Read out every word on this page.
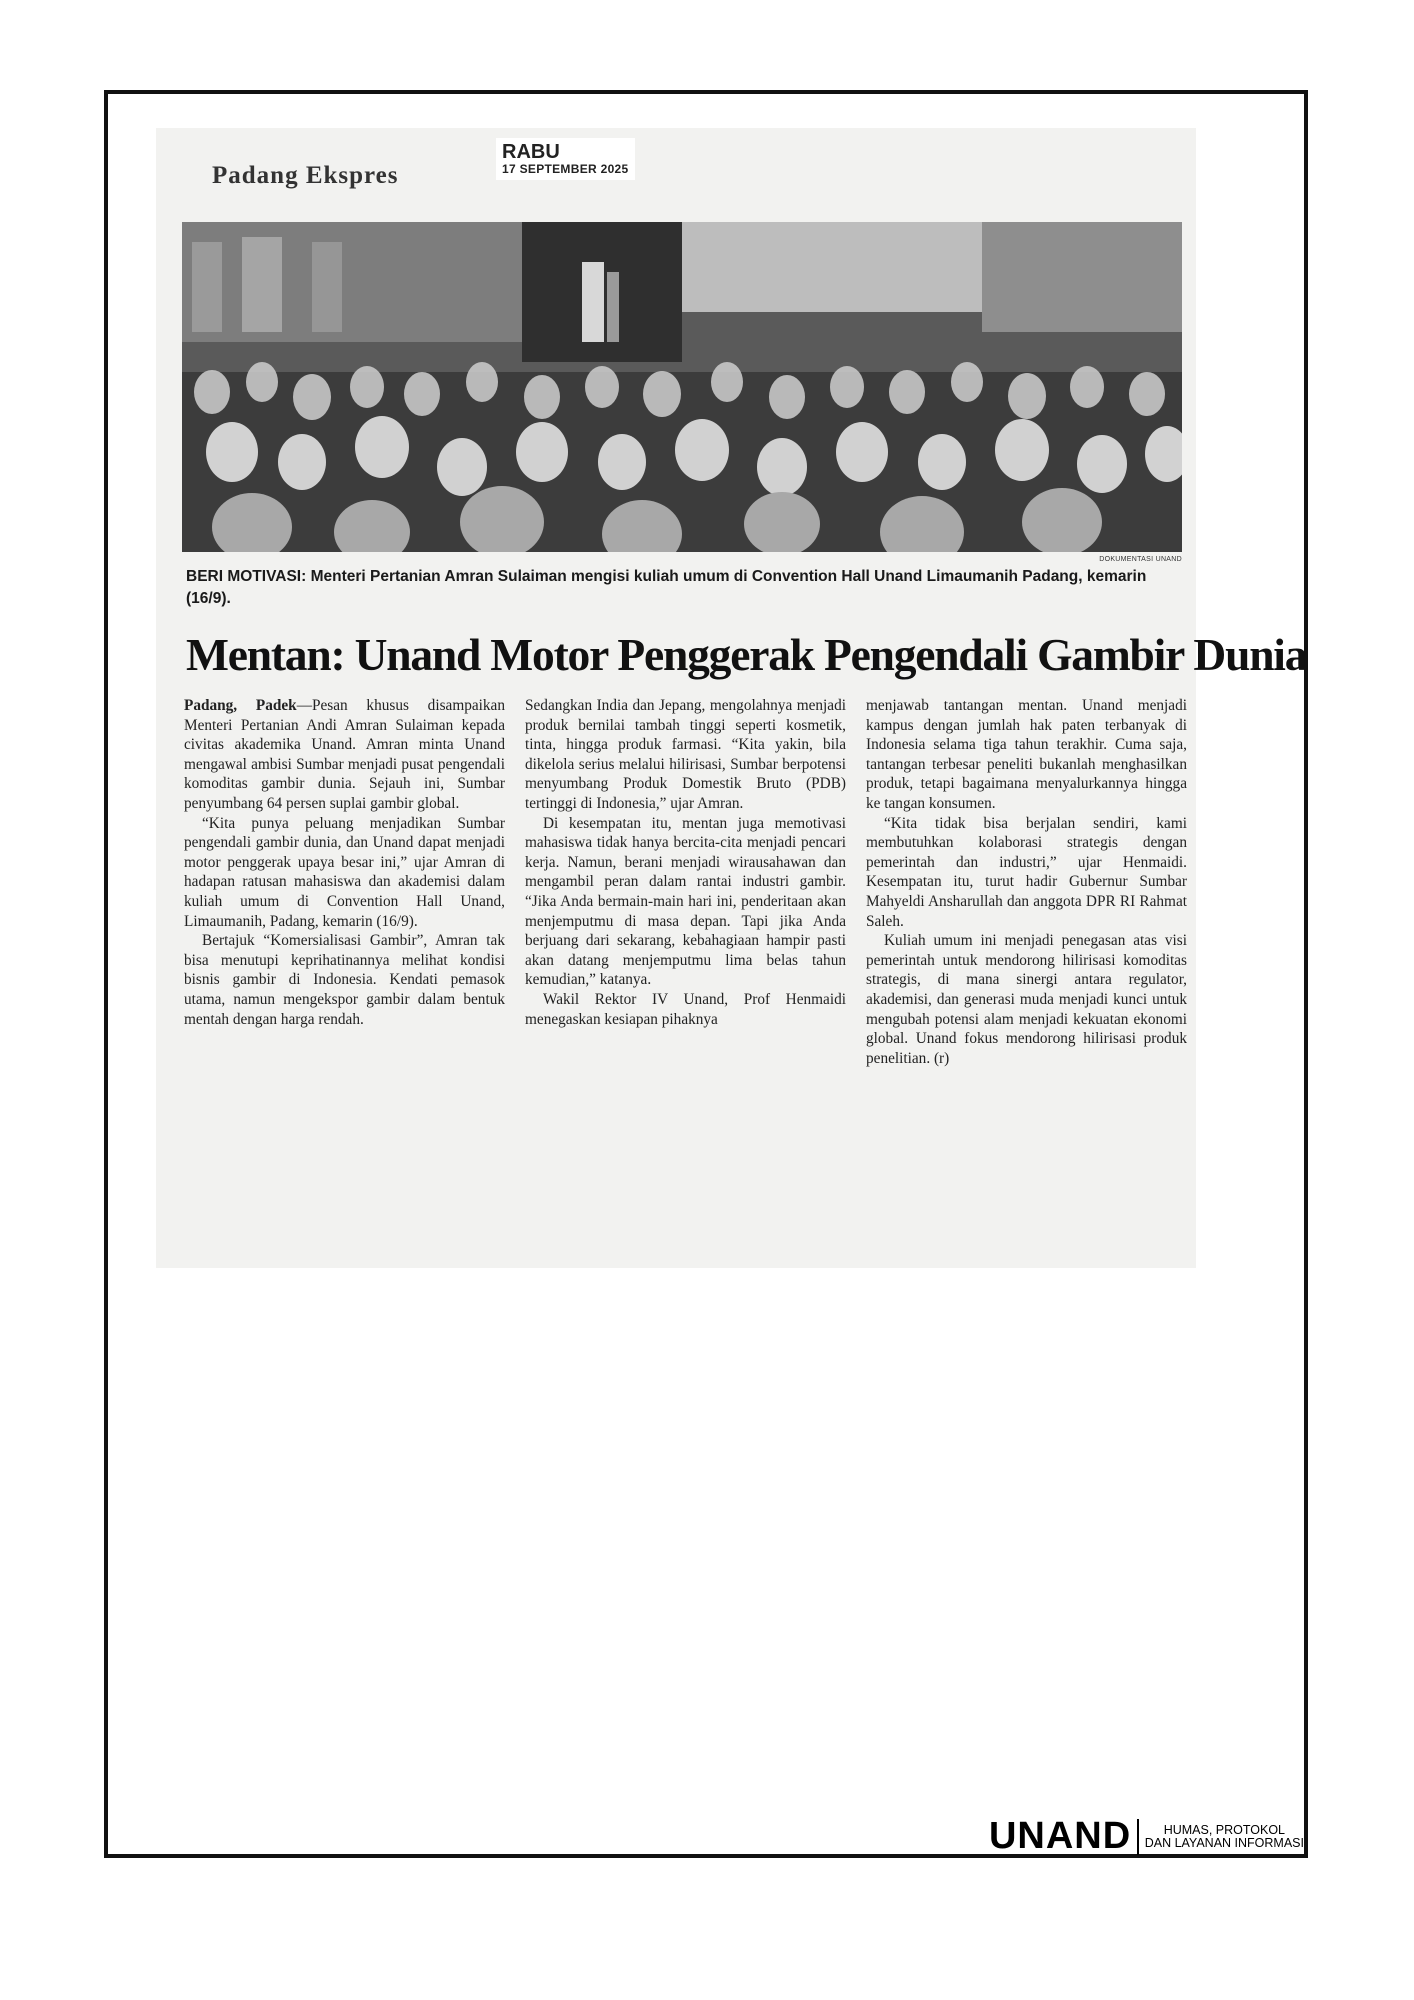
Padang Ekspres
RABU
17 SEPTEMBER 2025
DOKUMENTASI UNAND
BERI MOTIVASI: Menteri Pertanian Amran Sulaiman mengisi kuliah umum di Convention Hall Unand Limaumanih Padang, kemarin (16/9).
Mentan: Unand Motor Penggerak Pengendali Gambir Dunia

Padang, Padek—Pesan khusus disampaikan Menteri Pertanian Andi Amran Sulaiman kepada civitas akademika Unand. Amran minta Unand mengawal ambisi Sumbar menjadi pusat pengendali komoditas gambir dunia. Sejauh ini, Sumbar penyumbang 64 persen suplai gambir global.

“Kita punya peluang menjadikan Sumbar pengendali gambir dunia, dan Unand dapat menjadi motor penggerak upaya besar ini,” ujar Amran di hadapan ratusan mahasiswa dan akademisi dalam kuliah umum di Convention Hall Unand, Limaumanih, Padang, kemarin (16/9).

Bertajuk “Komersialisasi Gambir”, Amran tak bisa menutupi keprihatinannya melihat kondisi bisnis gambir di Indonesia. Kendati pemasok utama, namun mengekspor gambir dalam bentuk mentah dengan harga rendah.

Sedangkan India dan Jepang, mengolahnya menjadi produk bernilai tambah tinggi seperti kosmetik, tinta, hingga produk farmasi. “Kita yakin, bila dikelola serius melalui hilirisasi, Sumbar berpotensi menyumbang Produk Domestik Bruto (PDB) tertinggi di Indonesia,” ujar Amran.

Di kesempatan itu, mentan juga memotivasi mahasiswa tidak hanya bercita-cita menjadi pencari kerja. Namun, berani menjadi wirausahawan dan mengambil peran dalam rantai industri gambir. “Jika Anda bermain-main hari ini, penderitaan akan menjemputmu di masa depan. Tapi jika Anda berjuang dari sekarang, kebahagiaan hampir pasti akan datang menjemputmu lima belas tahun kemudian,” katanya.

Wakil Rektor IV Unand, Prof Henmaidi menegaskan kesiapan pihaknya

menjawab tantangan mentan. Unand menjadi kampus dengan jumlah hak paten terbanyak di Indonesia selama tiga tahun terakhir. Cuma saja, tantangan terbesar peneliti bukanlah menghasilkan produk, tetapi bagaimana menyalurkannya hingga ke tangan konsumen.

“Kita tidak bisa berjalan sendiri, kami membutuhkan kolaborasi strategis dengan pemerintah dan industri,” ujar Henmaidi. Kesempatan itu, turut hadir Gubernur Sumbar Mahyeldi Ansharullah dan anggota DPR RI Rahmat Saleh.

Kuliah umum ini menjadi penegasan atas visi pemerintah untuk mendorong hilirisasi komoditas strategis, di mana sinergi antara regulator, akademisi, dan generasi muda menjadi kunci untuk mengubah potensi alam menjadi kekuatan ekonomi global. Unand fokus mendorong hilirisasi produk penelitian. (r)

UNAND	HUMAS, PROTOKOL
DAN LAYANAN INFORMASI
